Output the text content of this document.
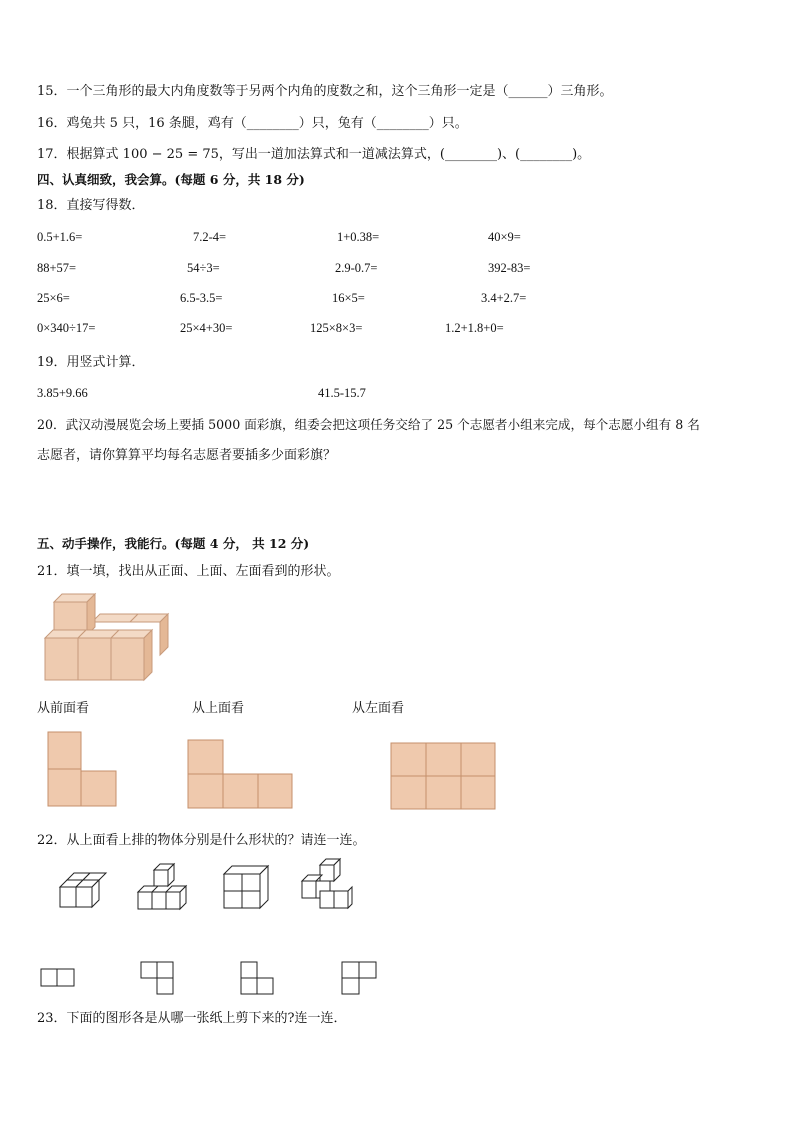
15．一个三角形的最大内角度数等于另两个内角的度数之和，这个三角形一定是（______）三角形。
16．鸡兔共 5 只，16 条腿，鸡有（________）只，兔有（________）只。
17．根据算式 100 − 25 = 75，写出一道加法算式和一道减法算式，(________)、(________)。
四、认真细致，我会算。(每题 6 分，共 18 分)
18．直接写得数．
0.5+1.6=	7.2-4=	1+0.38=	40×9=
88+57=	54÷3=	2.9-0.7=	392-83=
25×6=	6.5-3.5=	16×5=	3.4+2.7=
0×340÷17=	25×4+30=	125×8×3=	1.2+1.8+0=
19．用竖式计算．
3.85+9.66	41.5-15.7
20．武汉动漫展览会场上要插 5000 面彩旗，组委会把这项任务交给了 25 个志愿者小组来完成，每个志愿小组有 8 名
志愿者，请你算算平均每名志愿者要插多少面彩旗？
五、动手操作，我能行。(每题 4 分， 共 12 分)
21．填一填，找出从正面、上面、左面看到的形状。
从前面看	从上面看	从左面看
22．从上面看上排的物体分别是什么形状的？请连一连。
23．下面的图形各是从哪一张纸上剪下来的?连一连．
